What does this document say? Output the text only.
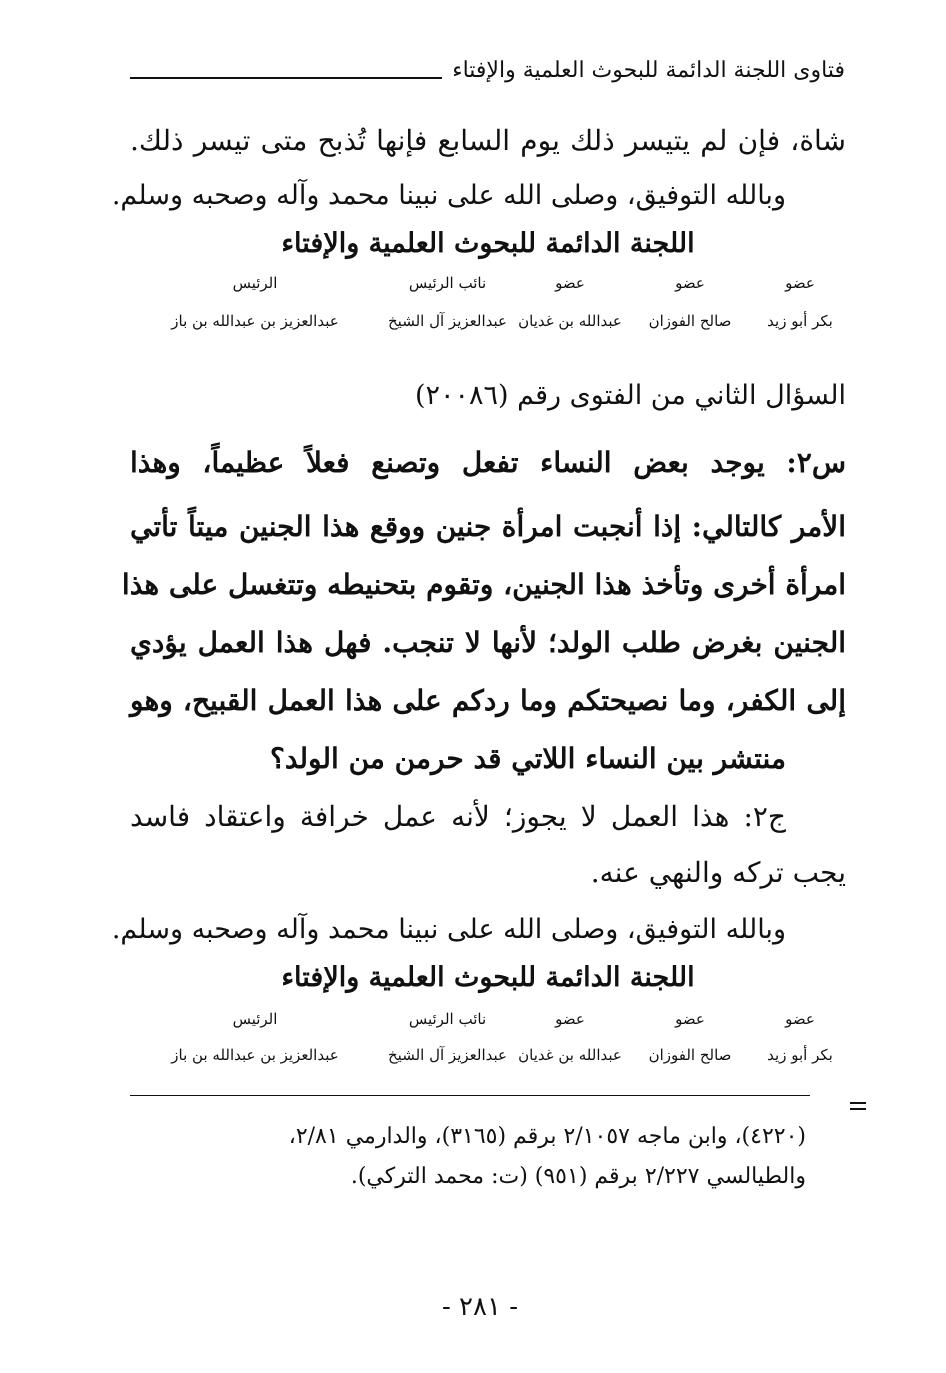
فتاوى اللجنة الدائمة للبحوث العلمية والإفتاء
شاة، فإن لم يتيسر ذلك يوم السابع فإنها تُذبح متى تيسر ذلك.
وبالله التوفيق، وصلى الله على نبينا محمد وآله وصحبه وسلم.
اللجنة الدائمة للبحوث العلمية والإفتاء
عضو
عضو
عضو
نائب الرئيس
الرئيس
بكر أبو زيد
صالح الفوزان
عبدالله بن غديان
عبدالعزيز آل الشيخ
عبدالعزيز بن عبدالله بن باز
السؤال الثاني من الفتوى رقم (٢٠٠٨٦)
س٢: يوجد بعض النساء تفعل وتصنع فعلاً عظيماً، وهذا
الأمر كالتالي: إذا أنجبت امرأة جنين ووقع هذا الجنين ميتاً تأتي
امرأة أخرى وتأخذ هذا الجنين، وتقوم بتحنيطه وتتغسل على هذا
الجنين بغرض طلب الولد؛ لأنها لا تنجب. فهل هذا العمل يؤدي
إلى الكفر، وما نصيحتكم وما ردكم على هذا العمل القبيح، وهو
منتشر بين النساء اللاتي قد حرمن من الولد؟
ج٢: هذا العمل لا يجوز؛ لأنه عمل خرافة واعتقاد فاسد
يجب تركه والنهي عنه.
وبالله التوفيق، وصلى الله على نبينا محمد وآله وصحبه وسلم.
اللجنة الدائمة للبحوث العلمية والإفتاء
عضو
عضو
عضو
نائب الرئيس
الرئيس
بكر أبو زيد
صالح الفوزان
عبدالله بن غديان
عبدالعزيز آل الشيخ
عبدالعزيز بن عبدالله بن باز
(٤٢٢٠)، وابن ماجه ٢/١٠٥٧ برقم (٣١٦٥)، والدارمي ٢/٨١،
والطيالسي ٢/٢٢٧ برقم (٩٥١) (ت: محمد التركي).
- ٢٨١ -
